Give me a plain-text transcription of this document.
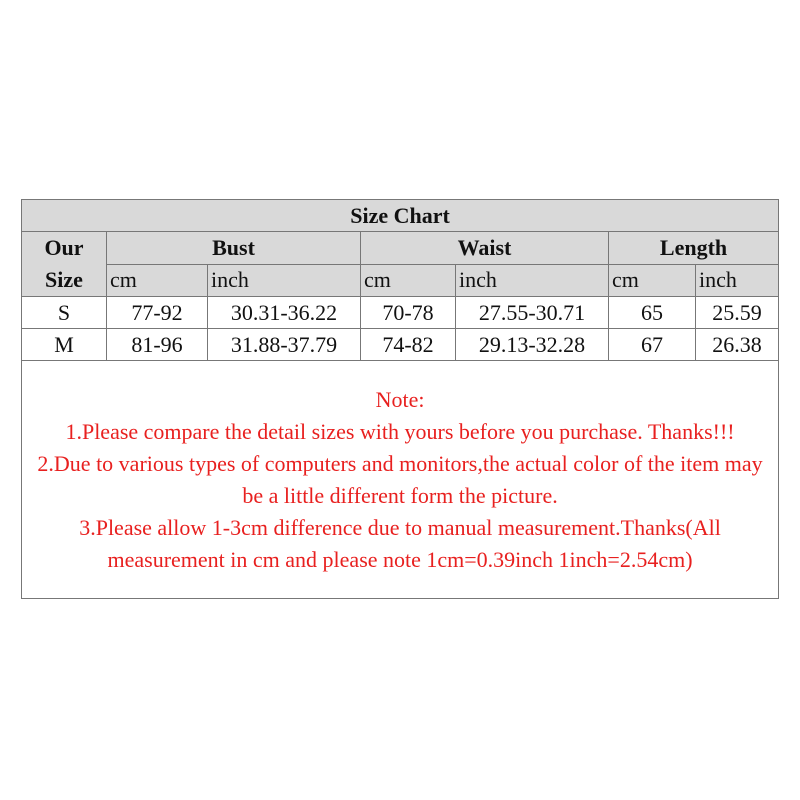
Size Chart						

Our
Size	Bust		Waist		Length	
	cm	inch	cm	inch	cm	inch
S	77-92	30.31-36.22	70-78	27.55-30.71	65	25.59
M	81-96	31.88-37.79	74-82	29.13-32.28	67	26.38

Note:
1.Please compare the detail sizes with yours before you purchase. Thanks!!!
2.Due to various types of computers and monitors,the actual color of the item may be a little different form the picture.
3.Please allow 1-3cm difference due to manual measurement.Thanks(All measurement in cm and please note 1cm=0.39inch 1inch=2.54cm)						
